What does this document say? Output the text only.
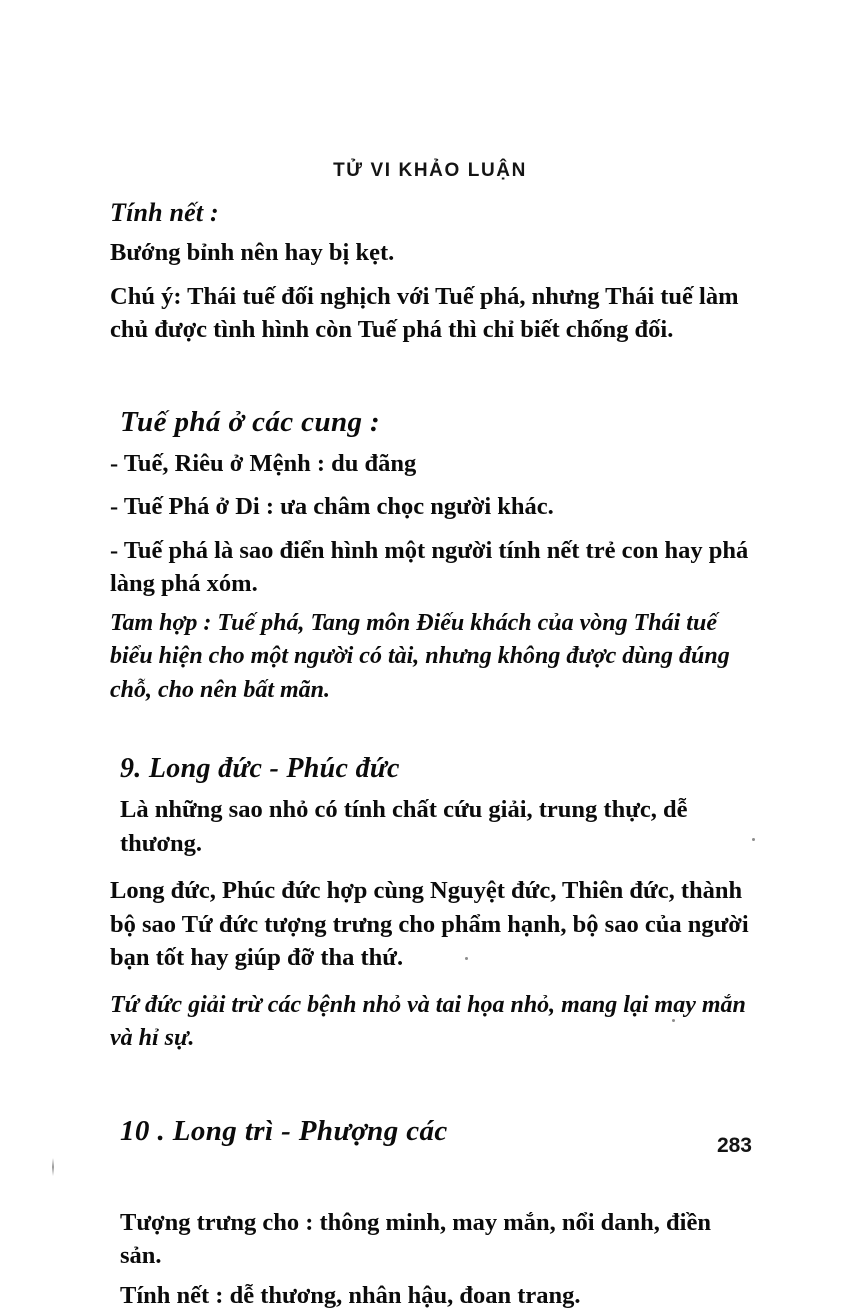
TỬ VI KHẢO LUẬN
Tính nết :
Bướng bỉnh nên hay bị kẹt.
Chú ý: Thái tuế đối nghịch với Tuế phá, nhưng Thái tuế làm chủ được tình hình còn Tuế phá thì chỉ biết chống đối.
Tuế phá ở các cung :
- Tuế, Riêu ở Mệnh : du đãng
- Tuế Phá ở Di : ưa châm chọc người khác.
- Tuế phá là sao điển hình một người tính nết trẻ con hay phá làng phá xóm.
Tam hợp : Tuế phá, Tang môn Điếu khách của vòng Thái tuế biểu hiện cho một người có tài, nhưng không được dùng đúng chỗ, cho nên bất mãn.
9. Long đức - Phúc đức
Là những sao nhỏ có tính chất cứu giải, trung thực, dễ thương.
Long đức, Phúc đức hợp cùng Nguyệt đức, Thiên đức, thành bộ sao Tứ đức tượng trưng cho phẩm hạnh, bộ sao của người bạn tốt hay giúp đỡ tha thứ.
Tứ đức giải trừ các bệnh nhỏ và tai họa nhỏ, mang lại may mắn và hỉ sự.
10 . Long trì - Phượng các
Tượng trưng cho : thông minh, may mắn, nổi danh, điền sản.
Tính nết : dễ thương, nhân hậu, đoan trang.
283
